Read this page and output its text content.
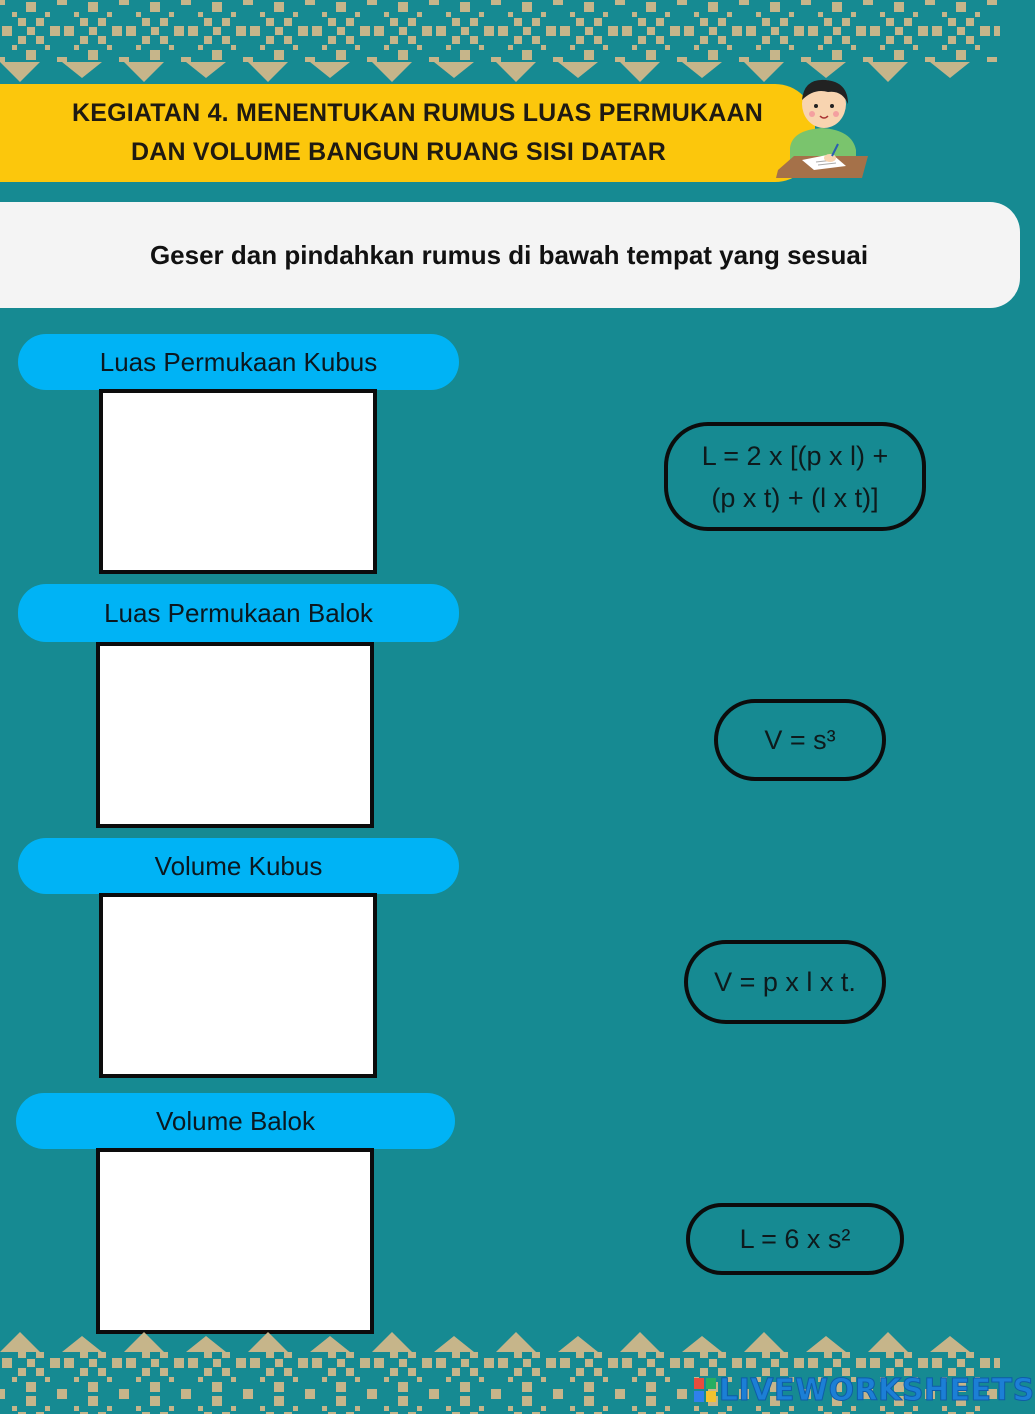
KEGIATAN 4. MENENTUKAN RUMUS LUAS PERMUKAAN
DAN VOLUME BANGUN RUANG SISI DATAR
Geser dan pindahkan rumus di bawah tempat yang sesuai
Luas Permukaan Kubus
Luas Permukaan Balok
Volume Kubus
Volume Balok
L = 2 x [(p x l) +
(p x t) + (l x t)]
V = s³
V = p x l x t.
L = 6 x s²
LIVEWORKSHEETS
